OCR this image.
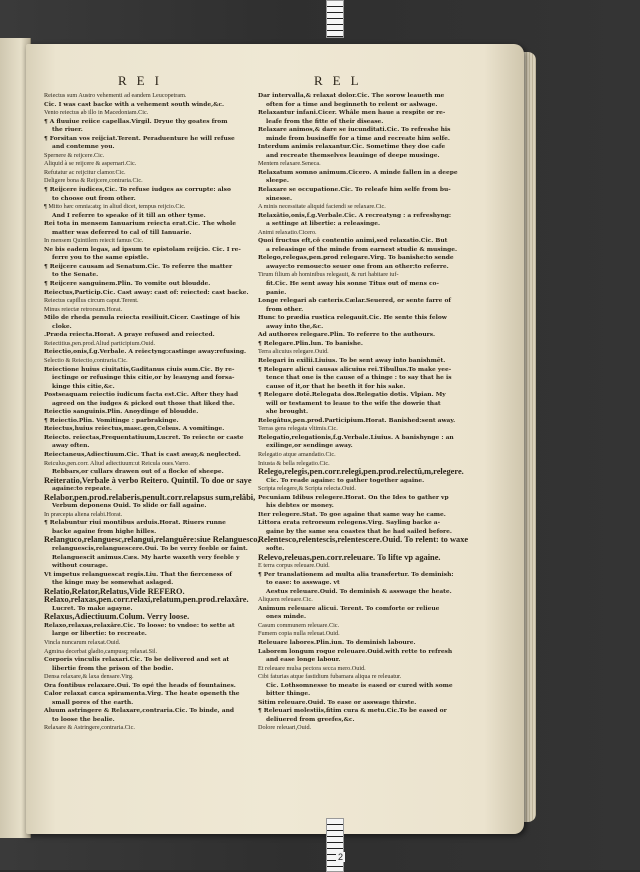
REI	REL
Reiectus sum Austro vehementi ad eandem Leucopetram.
Cic. I was cast backe with a vehement south winde,&c.
Vento reiectus ab illo in Macedoniam.Cic.
¶ A fluuiue reiice capellas.Virgil. Dryue thy goates from
the riuer.
¶ Forsitan vos reijciat.Terent. Peraduenture he will refuse
and contemne you.
Spernere & reijcere.Cic.
Aliquid à se reijcere & aspernari.Cic.
Refutatur ac reijcitur clamor.Cic.
Deligere bona & Reijcere,contraria.Cic.
¶ Reijcere iudices,Cic. To refuse iudges as corrupte: also
to choose out from other.
¶ Mitto hæc omnia:atq; in aliud dicet, tempus reijcio.Cic.
And I referre to speake of it till an other tyme.
Rei tota in mensem Ianuarium reiecta erat.Cic. The whole
matter was deferred to cal of till Ianuarie.
In mensem Quintilem reiecit famus Cic.
Ne bis eadem legas, ad ipsum te epistolam reijcio. Cic. I re-
ferre you to the same epistle.
¶ Reijcere causam ad Senatum.Cic. To referre the matter
to the Senate.
¶ Reijcere sanguinem.Plin. To vomite out bloudde.
Reiectus,Particip.Cic. Cast away: cast of: reiected: cast backe.
Reiectus capillus circum caput.Terent.
Minus reiectæ retrorsum.Horat.
Milo de rheda penula reiecta resiliuit.Cicer. Castinge of his
cloke.
.Præda reiecta.Horat. A praye refused and reiected.
Reiectitius,pen.prod.Aliud participium.Ouid.
Reiectio,onis,f.g.Verbale. A reiectyng:castinge away:refusing.
Selectio & Reiectio,contraria.Cic.
Reiectione huius ciuitatis,Gaditanus ciuis sum.Cic. By re-
iectinge or refusinge this citie,or by leauyng and forsa-
kinge this citie,&c.
Postseaquam reiectio iudicum facta est.Cic. After they had
agreed on the iudges & picked out those that liked the.
Reiectio sanguinis.Plin. Anoydinge of bloudde.
¶ Reiectio.Plin. Vomitinge : parbrakinge.
Reiectus,huius reiectus,masc.gen,Celsus. A vomitinge.
Reiecto. reiectas,Frequentatiuum,Lucret. To reiecte or caste
away often.
Reiectaneus,Adiectiuum.Cic. That is cast away,& neglected.
Reiculus,pen.corr. Aliud adiectiuum:ut Reicula oues.Varro.
Rebbars,or cullars drawen out of a flocke of sheepe.
Reiteratio,Verbale à verbo Reitero. Quintil. To doe or saye
againe:to repeate.
Relabor,pen.prod.relaberis,penult.corr.relapsus sum,relâbi,
Verbum deponens Ouid. To slide or fall againe.
In præcepta aliena relabi.Horat.
¶ Relabuntur riui montibus arduis.Horat. Riuers runne
backe againe from highe hilles.
Relanguco,relanguesc,relangui,relanguêre:siue Relanguesco,
relanguescis,relanguescere.Oui. To be verry feeble or faint.
Relanguescit animus.Cæs. My harte waxeth very feeble y
without courage.
Vt impetus relanguescat regis.Liu. That the fierceness of
the kinge may be somewhat aslaged.
Relatio,Relator,Relatus,Vide REFERO.
Relaxo,relaxas,pen.corr.relaxi,relatum,pen.prod.relaxâre.
Lucret. To make agayne.
Relaxus,Adiectiuum.Colum. Verry loose.
Relaxo,relaxas,relaxâre.Cic. To loose: to vndoe: to sette at
large or libertie: to recreate.
Vincla nuncarum relaxat.Ouid.
Agmina decerbat gladio,campusq; relaxat.Sil.
Corporis vinculis relaxari.Cic. To be delivered and set at
libertie from the prison of the bodie.
Densa relaxare,& laxa densare.Virg.
Ora fontibus relaxare.Oui. To opé the heads of fountaines.
Calor relaxat cæca spiramenta.Virg. The heate openeth the
small pores of the earth.
Aluum astringere & Relaxare,contraria.Cic. To binde, and
to loose the bealie.
Relaxare & Astringere,contraria.Cic.
Dar intervalla,& relaxat dolor.Cic. The sorow leaueth me
often for a time and beginneth to relent or aslwage.
Relaxantur infani.Cicer. Whâle men haue a respite or re-
leafe from the fitte of their disease.
Relaxare animos,& dare se iucunditati.Cic. To refreshe his
minde from busineffe for a time and recreate him selfe.
Interdum animis relaxantur.Cic. Sometime they doe cafe
and recreate themselves leauinge of deepe musinge.
Mentem relaxare.Seneca.
Relaxatum somno animum.Cicero. A minde fallen in a deepe
sleepe.
Relaxare se occupatione.Cic. To releafe him selfe from bu-
sinesse.
A minis necessitate aliquid faciendi se relaxare.Cic.
Relaxâtio,onis,f.g.Verbale.Cic. A recreatyng : a refreshyng:
a settinge at libertie: a releasinge.
Animi relaxatio.Cicero.
Quoi fructus eft,cô contentio animi,sed relaxatio.Cic. But
a releasinge of the minde from earnest studie & musinge.
Relego,relegas,pen.prod relegare.Virg. To banishe:to sende
awaye:to remoue:to seuer one from an other:to referre.
Tirum filium ab hominibus relegauit, & ruri habitare iuf-
fit.Cic. He sent away his sonne Titus out of mens co-
panie.
Longe relegari ab cæteris.Cælar.Seuered, or sente farre of
from other.
Hunc to prædia rustica relegauit.Cic. He sente this felow
away into the,&c.
Ad authores relegare.Plin. To referre to the authours.
¶ Relegare.Plin.lun. To banishe.
Terra alicuius relegare.Ouid.
Relegari in exilii.Liuius. To be sent away into banishmēt.
¶ Relegare alicui causas alicuius rei.Tibullus.To make yee-
tence that one is the cause of a thinge : to say that he is
cause of it,or that he beeth it for his sake.
¶ Relegare dotē.Relegata dos.Relegatio dotis. Vlpian. My
will or testament to leaue to the wife the dowrie that
she brought.
Relegâtus,pen.prod.Participium.Horat. Banished:sent away.
Terras gens relegata vltimis.Cic.
Relegatio,relegationis,f.g.Verbale.Liuius. A banishynge : an
exilinge,or sendinge away.
Relegatio atque amandatio.Cic.
Iniusta & bella relegatio.Cic.
Relego,relegis,pen.corr.relegi,pen.prod.relectû,m,relegere.
Cic. To reade againe: to gather together againe.
Scripta relegere,& Scripta relecta.Ouid.
Pecuniam Idibus relegere.Horat. On the Ides to gather vp
his debtes or money.
Iter relegere.Stat. To goe againe that same way he came.
Littora erata retrorsum relegens.Virg. Sayling backe a-
gaine by the same sea coastes that he had sailed before.
Relentesco,relentescis,relentescere.Ouid. To relent: to waxe
softe.
Relevo,releuas,pen.corr.releuare. To lifte vp againe.
E terra corpus releuare.Ouid.
¶ Per translationem ad multa alia transfertur. To deminish:
to ease: to asswage. vt
Aestus releuare.Ouid. To deminish & asswage the heate.
Aliquem releuare.Cic.
Animum releuare alicui. Terent. To comforte or relieue
ones minde.
Casum communem releuare.Cic.
Fumem copia nulla releuat.Ouid.
Releuare labores.Plin.iun. To deminish laboure.
Laborem longum roque releuare.Ouid.with rette to refresh
and ease longe labour.
Et releuare mulsa pectora secca mero.Ouid.
Cibi faturias atque fastidium fubamara aliqua re releuatur.
Cic. Lothsomnesse to meate is eased or cured with some
bitter thinge.
Sitim releuare.Ouid. To ease or asswage thirste.
¶ Releuari molestiis,fitim cura & metu.Cic.To be eased or
deliuered from greefes,&c.
Dolore releuari,Ouid.
2
